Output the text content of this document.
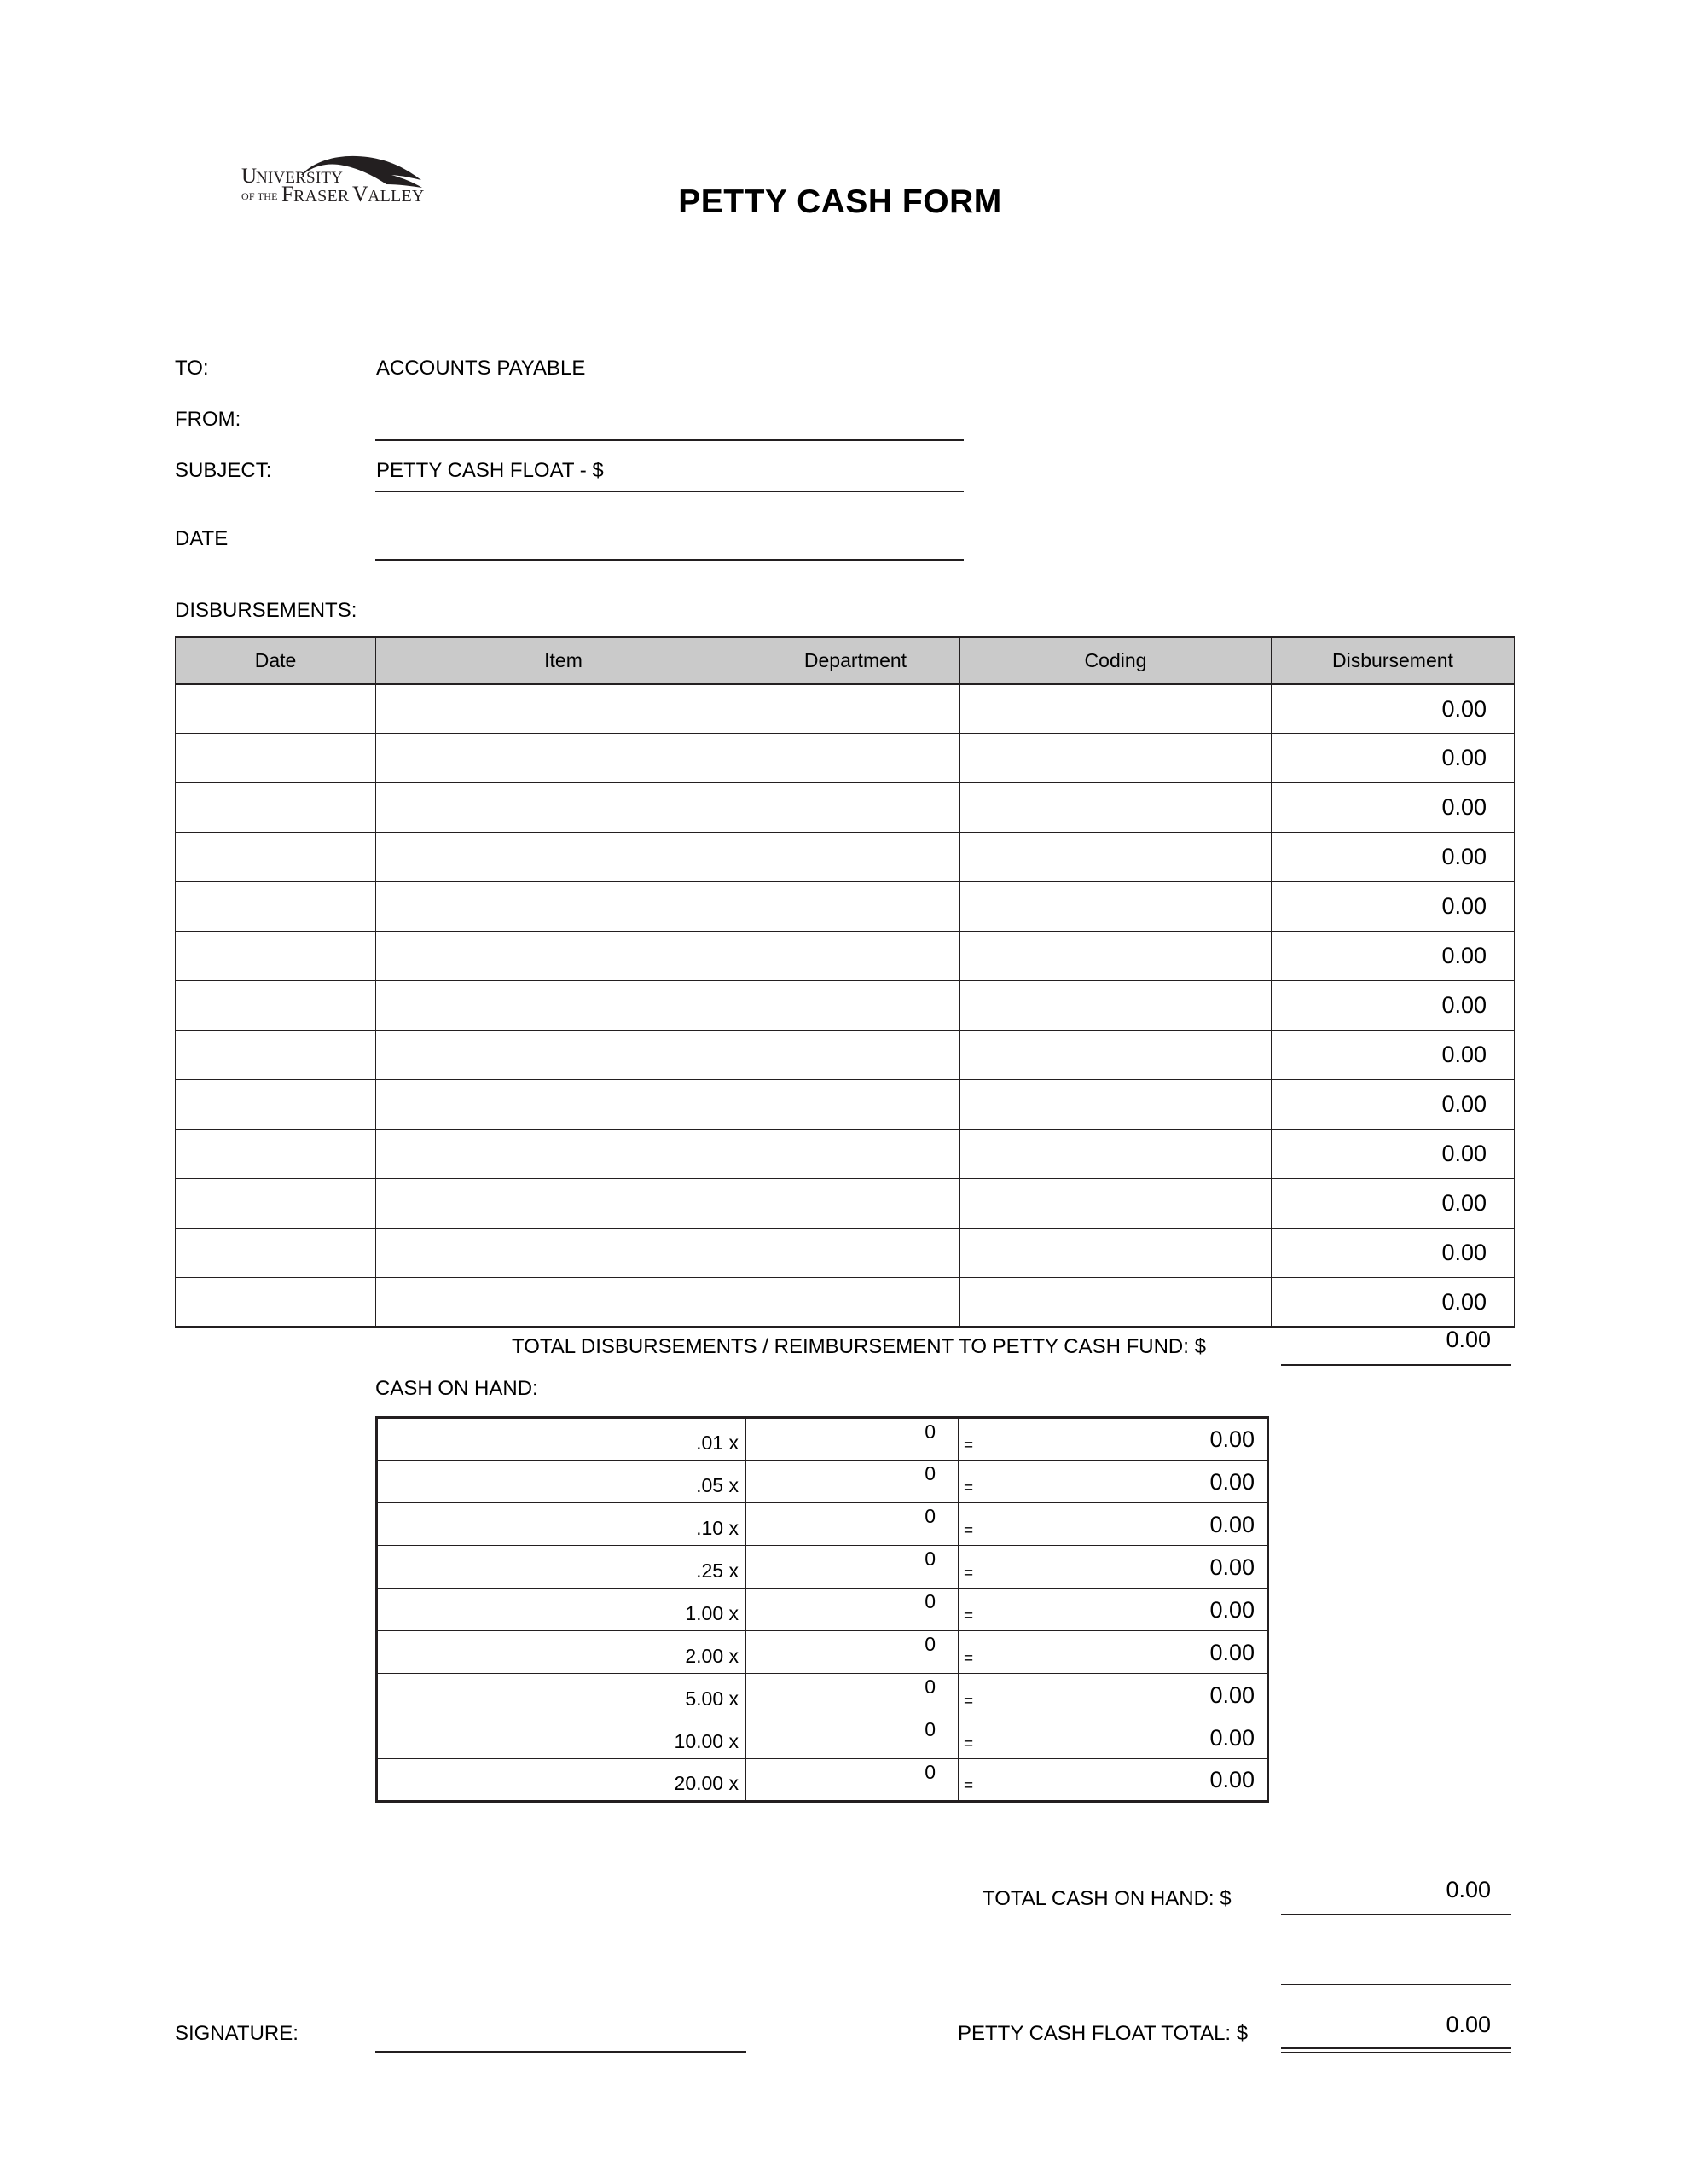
U
NIVERSITY
OF THE F RASER V ALLEY	PETTY CASH FORM
TO:	ACCOUNTS PAYABLE
FROM:
SUBJECT:	PETTY CASH FLOAT - $
DATE
DISBURSEMENTS:
Date	Item	Department	Coding	Disbursement
				0.00
				0.00
				0.00
				0.00
				0.00
				0.00
				0.00
				0.00
				0.00
				0.00
				0.00
				0.00
				0.00
TOTAL DISBURSEMENTS / REIMBURSEMENT TO PETTY CASH FUND: $	0.00
CASH ON HAND:
.01 x	0	= 0.00

.05 x	0	= 0.00

.10 x	0	= 0.00

.25 x	0	= 0.00

1.00 x	0	= 0.00

2.00 x	0	= 0.00

5.00 x	0	= 0.00

10.00 x	0	= 0.00

20.00 x	0	= 0.00
TOTAL CASH ON HAND: $	0.00
PETTY CASH FLOAT TOTAL: $	0.00
SIGNATURE:
